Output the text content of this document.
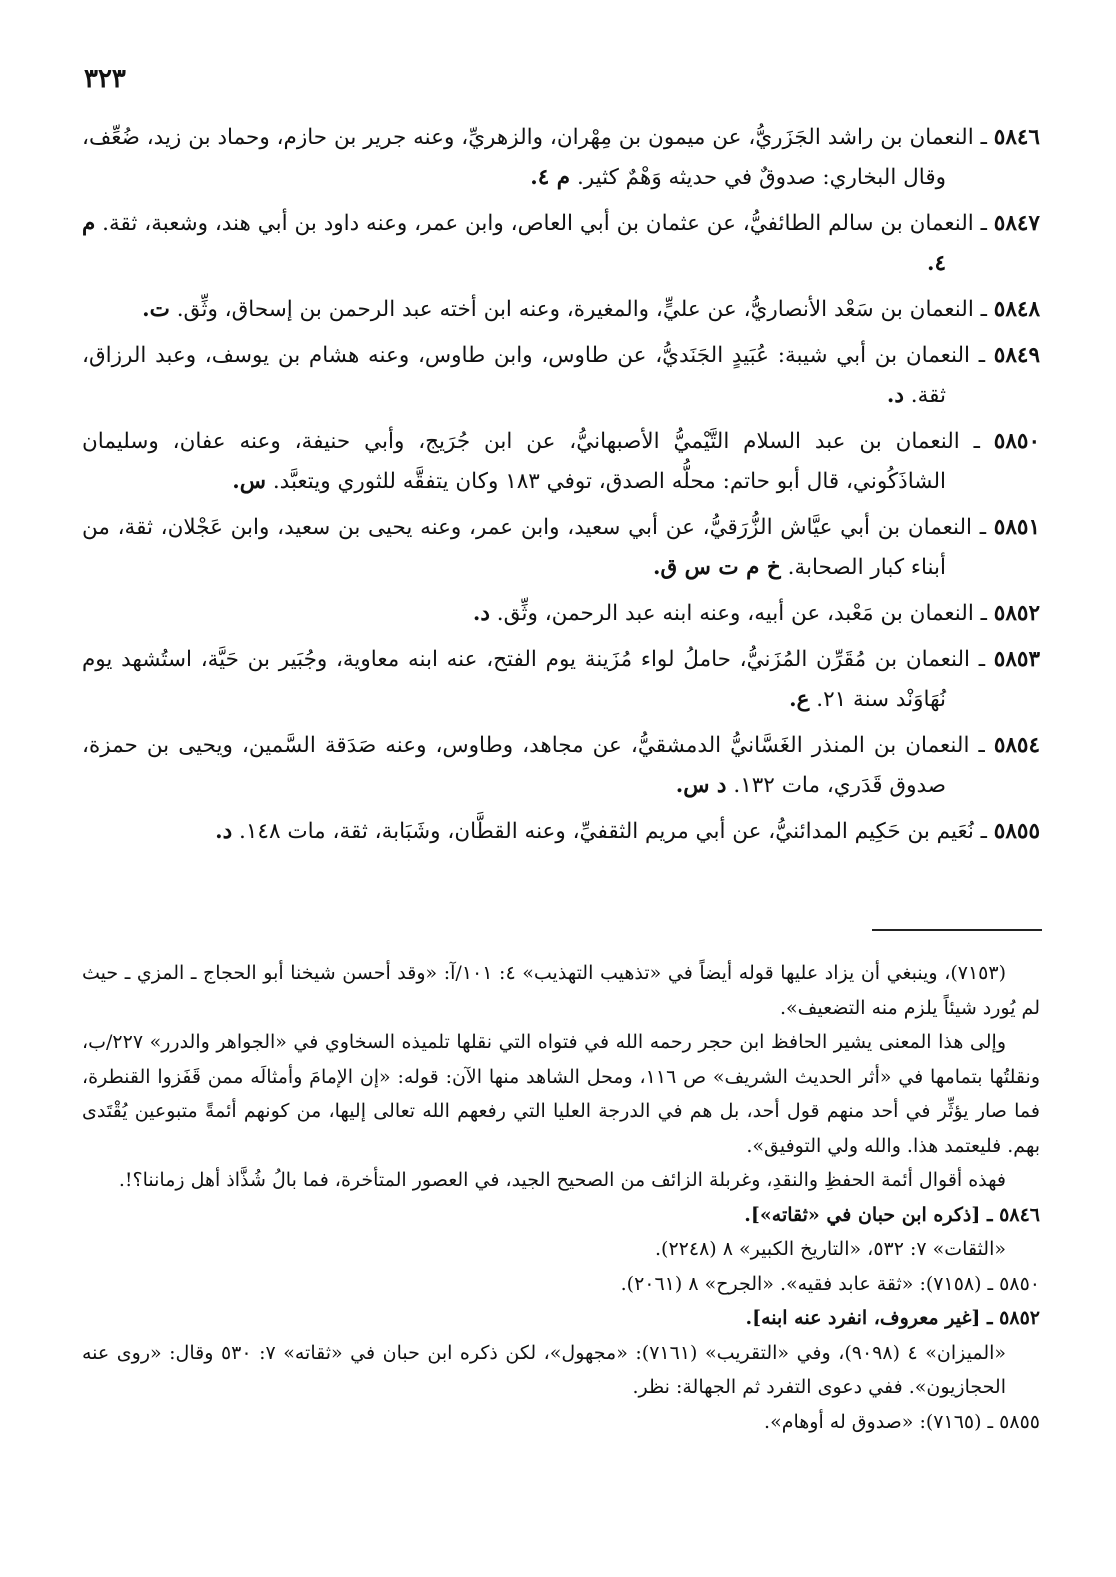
٣٢٣

٥٨٤٦ ـ النعمان بن راشد الجَزَريُّ، عن ميمون بن مِهْران، والزهريِّ، وعنه جرير بن حازم، وحماد بن زيد، ضُعِّف، وقال البخاري: صدوقٌ في حديثه وَهْمٌ كثير. م ٤.

٥٨٤٧ ـ النعمان بن سالم الطائفيُّ، عن عثمان بن أبي العاص، وابن عمر، وعنه داود بن أبي هند، وشعبة، ثقة. م ٤.

٥٨٤٨ ـ النعمان بن سَعْد الأنصاريُّ، عن عليٍّ، والمغيرة، وعنه ابن أخته عبد الرحمن بن إسحاق، وثِّق. ت.

٥٨٤٩ ـ النعمان بن أبي شيبة: عُبَيدٍ الجَنَديُّ، عن طاوس، وابن طاوس، وعنه هشام بن يوسف، وعبد الرزاق، ثقة. د.

٥٨٥٠ ـ النعمان بن عبد السلام التَّيْميُّ الأصبهانيُّ، عن ابن جُرَيج، وأبي حنيفة، وعنه عفان، وسليمان الشاذَكُوني، قال أبو حاتم: محلُّه الصدق، توفي ١٨٣ وكان يتفقَّه للثوري ويتعبَّد. س.

٥٨٥١ ـ النعمان بن أبي عيَّاش الزُّرَقيُّ، عن أبي سعيد، وابن عمر، وعنه يحيى بن سعيد، وابن عَجْلان، ثقة، من أبناء كبار الصحابة. خ م ت س ق.

٥٨٥٢ ـ النعمان بن مَعْبد، عن أبيه، وعنه ابنه عبد الرحمن، وثِّق. د.

٥٨٥٣ ـ النعمان بن مُقَرِّن المُزَنيُّ، حاملُ لواء مُزَينة يوم الفتح، عنه ابنه معاوية، وجُبَير بن حَيَّة، استُشهد يوم نُهَاوَنْد سنة ٢١. ع.

٥٨٥٤ ـ النعمان بن المنذر الغَسَّانيُّ الدمشقيُّ، عن مجاهد، وطاوس، وعنه صَدَقة السَّمين، ويحيى بن حمزة، صدوق قَدَري، مات ١٣٢. د س.

٥٨٥٥ ـ نُعَيم بن حَكِيم المدائنيُّ، عن أبي مريم الثقفيِّ، وعنه القطَّان، وشَبَابة، ثقة، مات ١٤٨. د.

(٧١٥٣)، وينبغي أن يزاد عليها قوله أيضاً في «تذهيب التهذيب» ٤: ١٠١/آ: «وقد أحسن شيخنا أبو الحجاج ـ المزي ـ حيث لم يُورد شيئاً يلزم منه التضعيف».

وإلى هذا المعنى يشير الحافظ ابن حجر رحمه الله في فتواه التي نقلها تلميذه السخاوي في «الجواهر والدرر» ٢٢٧/ب، ونقلتُها بتمامها في «أثر الحديث الشريف» ص ١١٦، ومحل الشاهد منها الآن: قوله: «إن الإمامَ وأمثالَه ممن قَفَزوا القنطرة، فما صار يؤثِّر في أحد منهم قول أحد، بل هم في الدرجة العليا التي رفعهم الله تعالى إليها، من كونهم أئمةً متبوعين يُقْتَدى بهم. فليعتمد هذا. والله ولي التوفيق».

فهذه أقوال أئمة الحفظِ والنقدِ، وغربلة الزائف من الصحيح الجيد، في العصور المتأخرة، فما بالُ شُذَّاذ أهل زماننا؟!.

٥٨٤٦ ـ [ذكره ابن حبان في «ثقاته»].

«الثقات» ٧: ٥٣٢، «التاريخ الكبير» ٨ (٢٢٤٨).

٥٨٥٠ ـ (٧١٥٨): «ثقة عابد فقيه». «الجرح» ٨ (٢٠٦١).

٥٨٥٢ ـ [غير معروف، انفرد عنه ابنه].

«الميزان» ٤ (٩٠٩٨)، وفي «التقريب» (٧١٦١): «مجهول»، لكن ذكره ابن حبان في «ثقاته» ٧: ٥٣٠ وقال: «روى عنه الحجازيون». ففي دعوى التفرد ثم الجهالة: نظر.

٥٨٥٥ ـ (٧١٦٥): «صدوق له أوهام».
